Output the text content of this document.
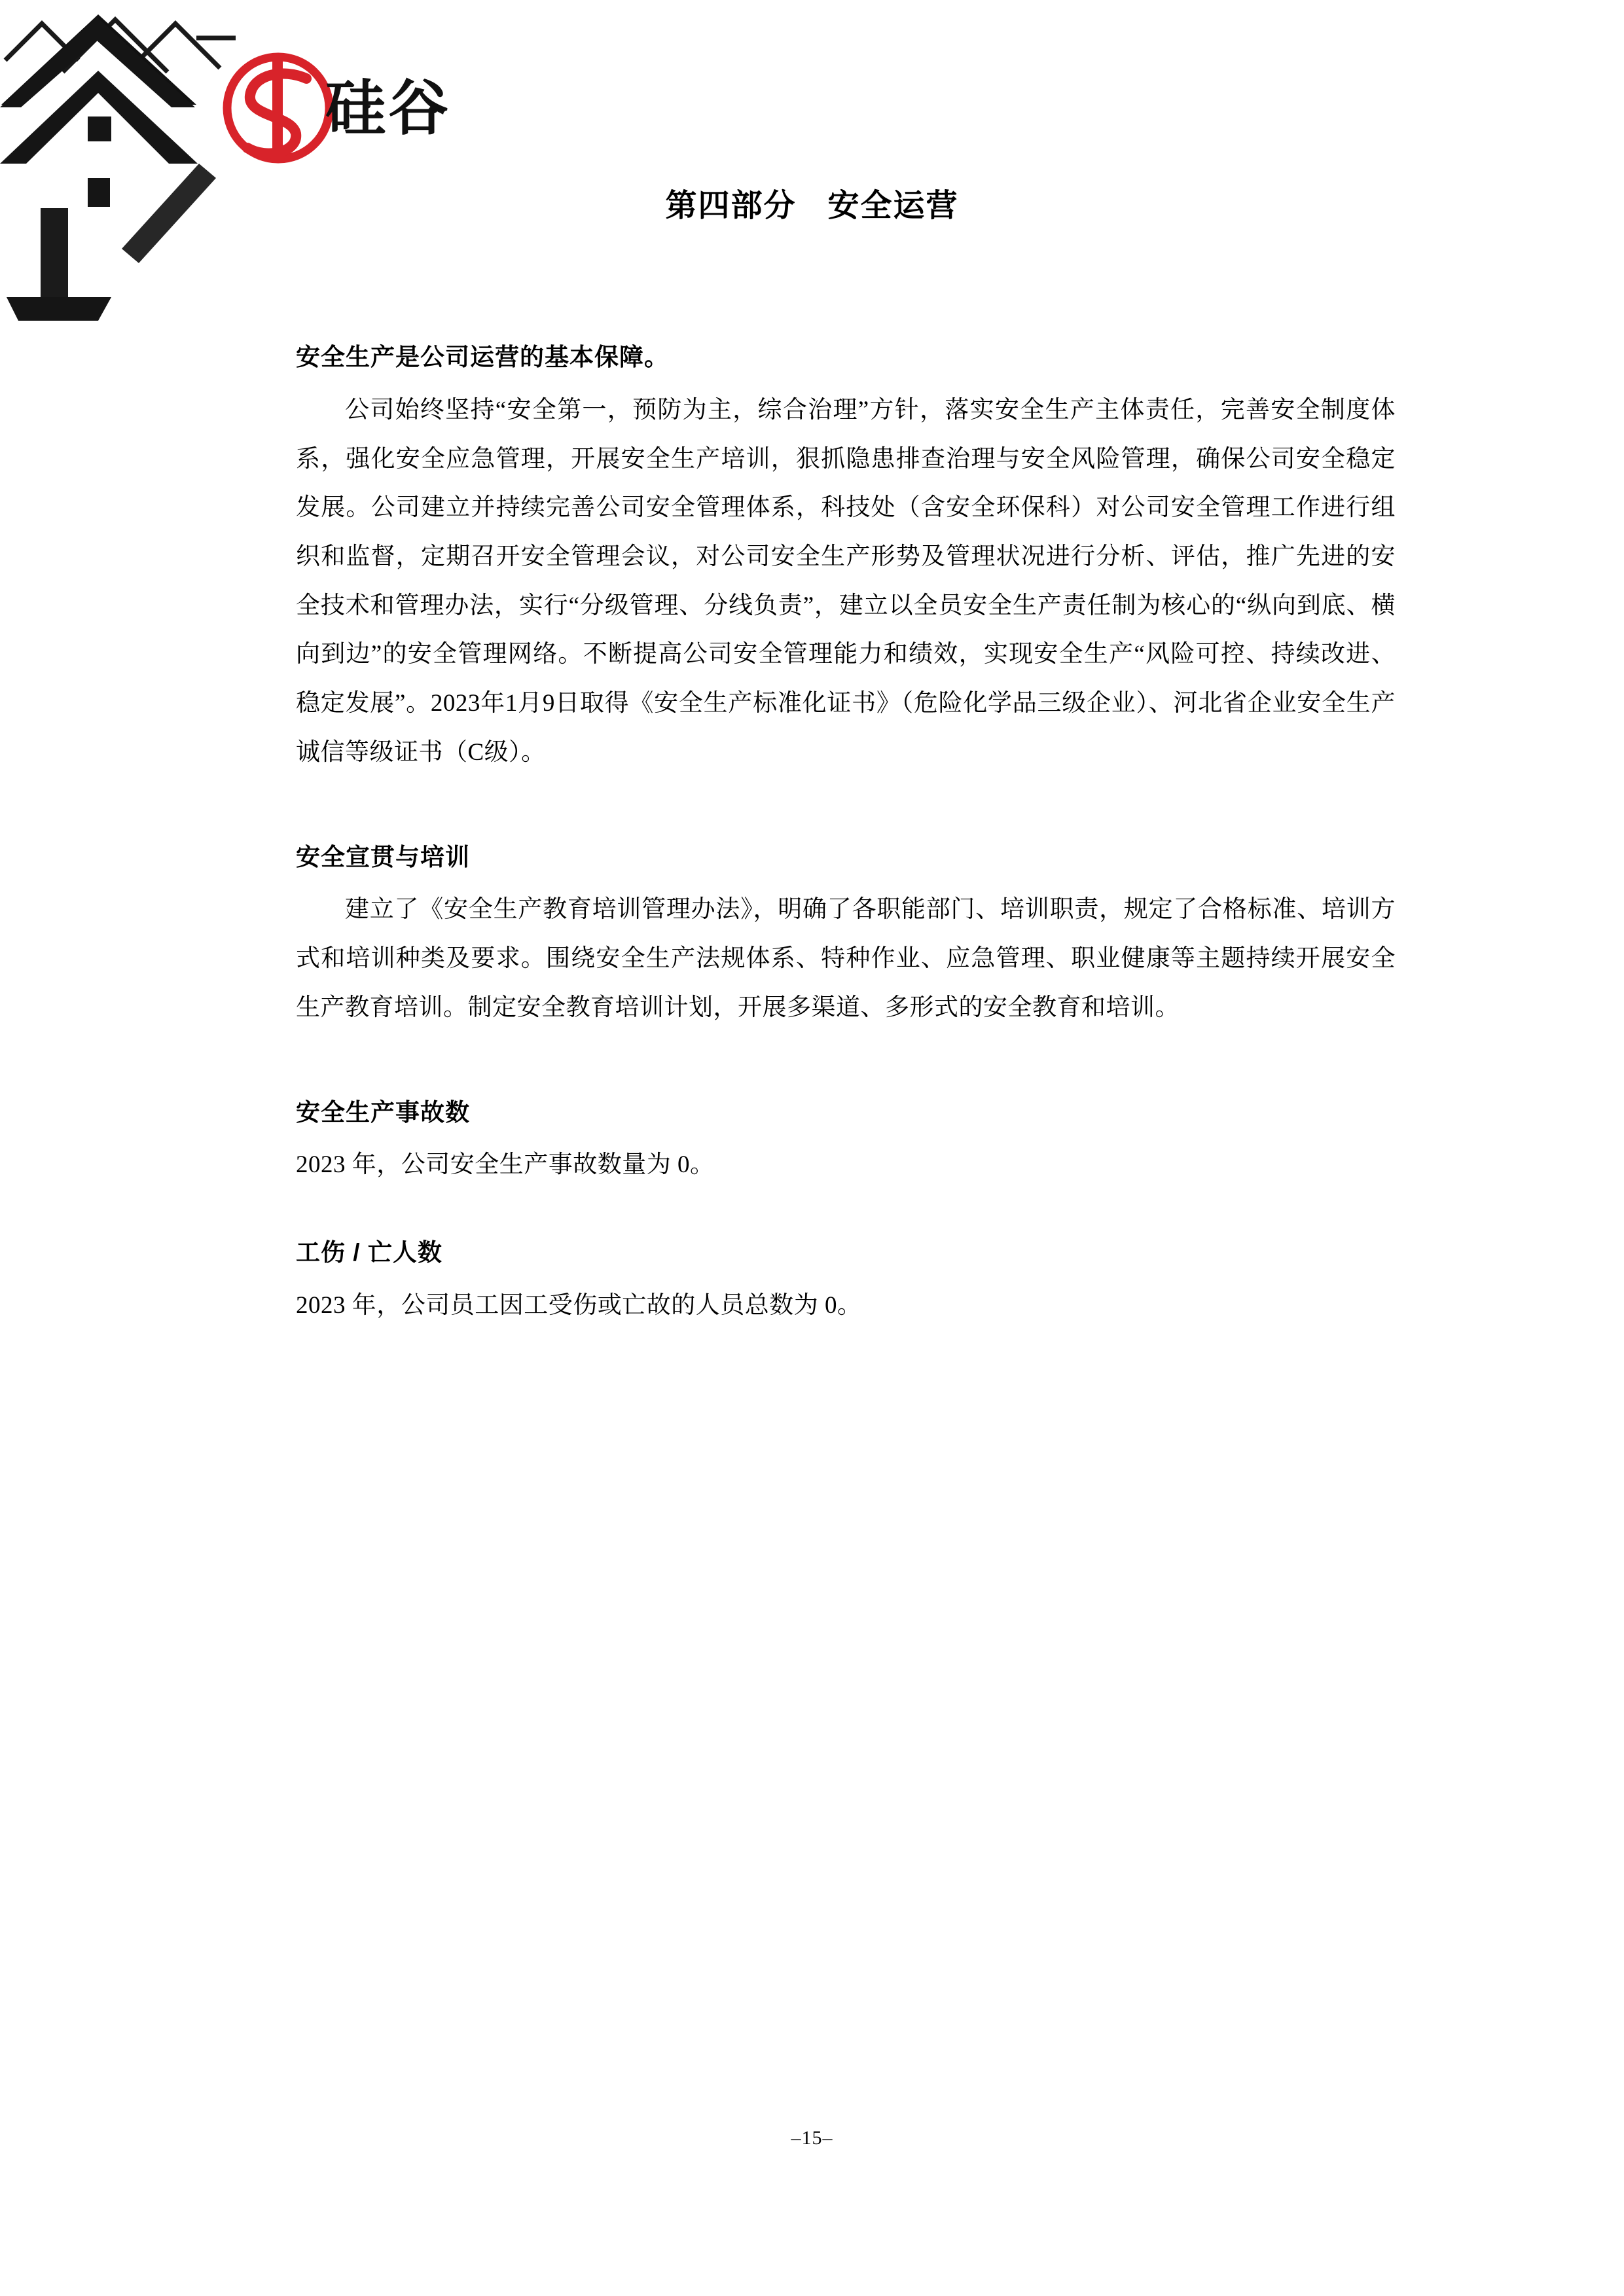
硅谷
第四部分 安全运营
安全生产是公司运营的基本保障。

公司始终坚持“安全第一，预防为主，综合治理”方针，落实安全生产主体责任，完善安全制度体系，强化安全应急管理，开展安全生产培训，狠抓隐患排查治理与安全风险管理，确保公司安全稳定发展。公司建立并持续完善公司安全管理体系，科技处（含安全环保科）对公司安全管理工作进行组织和监督，定期召开安全管理会议，对公司安全生产形势及管理状况进行分析、评估，推广先进的安全技术和管理办法，实行“分级管理、分线负责”，建立以全员安全生产责任制为核心的“纵向到底、横向到边”的安全管理网络。不断提高公司安全管理能力和绩效，实现安全生产“风险可控、持续改进、稳定发展”。2023年1月9日取得《安全生产标准化证书》（危险化学品三级企业）、河北省企业安全生产诚信等级证书（C级）。

安全宣贯与培训

建立了《安全生产教育培训管理办法》，明确了各职能部门、培训职责，规定了合格标准、培训方式和培训种类及要求。围绕安全生产法规体系、特种作业、应急管理、职业健康等主题持续开展安全生产教育培训。制定安全教育培训计划，开展多渠道、多形式的安全教育和培训。

安全生产事故数

2023 年，公司安全生产事故数量为 0。

工伤 / 亡人数

2023 年，公司员工因工受伤或亡故的人员总数为 0。

–15–
